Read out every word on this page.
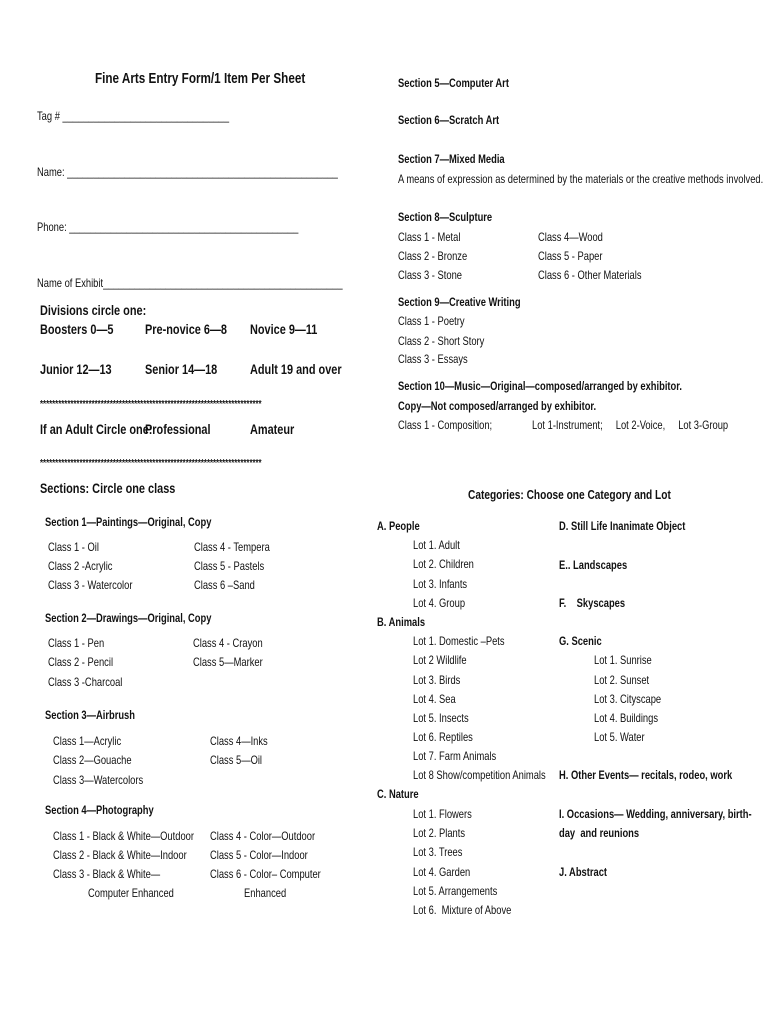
Fine Arts Entry Form/1 Item Per Sheet
Tag # ________________________________
Name: ____________________________________________________
Phone: ____________________________________________
Name of Exhibit______________________________________________
Divisions circle one:
Boosters 0—5 Pre-novice 6—8 Novice 9—11
Junior 12—13 Senior 14—18 Adult 19 and over
*************************************************************************
If an Adult Circle one:
Professional	Amateur
*************************************************************************
Sections: Circle one class
Section 1—Paintings—Original, Copy
Class 1 - Oil
Class 2 -Acrylic
Class 3 - Watercolor
Class 4 - Tempera
Class 5 - Pastels
Class 6 –Sand
Section 2—Drawings—Original, Copy
Class 1 - Pen
Class 2 - Pencil
Class 3 -Charcoal
Class 4 - Crayon
Class 5—Marker
Section 3—Airbrush
Class 1—Acrylic
Class 2—Gouache
Class 3—Watercolors
Class 4—Inks
Class 5—Oil
Section 4—Photography
Class 1 - Black & White—Outdoor
Class 2 - Black & White—Indoor
Class 3 - Black & White—
Computer Enhanced
Class 4 - Color—Outdoor
Class 5 - Color—Indoor
Class 6 - Color– Computer
Enhanced
Section 5—Computer Art
Section 6—Scratch Art
Section 7—Mixed Media
A means of expression as determined by the materials or the creative methods involved.
Section 8—Sculpture
Class 1 - Metal
Class 2 - Bronze
Class 3 - Stone
Class 4—Wood
Class 5 - Paper
Class 6 - Other Materials
Section 9—Creative Writing
Class 1 - Poetry
Class 2 - Short Story
Class 3 - Essays
Section 10—Music—Original—composed/arranged by exhibitor.
Copy—Not composed/arranged by exhibitor.
Class 1 - Composition;	Lot 1-Instrument;     Lot 2-Voice,     Lot 3-Group
Categories: Choose one Category and Lot
A. People
Lot 1. Adult
Lot 2. Children
Lot 3. Infants
Lot 4. Group
B. Animals
Lot 1. Domestic –Pets
Lot 2 Wildlife
Lot 3. Birds
Lot 4. Sea
Lot 5. Insects
Lot 6. Reptiles
Lot 7. Farm Animals
Lot 8 Show/competition Animals
C. Nature
Lot 1. Flowers
Lot 2. Plants
Lot 3. Trees
Lot 4. Garden
Lot 5. Arrangements
Lot 6.  Mixture of Above
D. Still Life Inanimate Object
E.. Landscapes
F.    Skyscapes
G. Scenic
Lot 1. Sunrise
Lot 2. Sunset
Lot 3. Cityscape
Lot 4. Buildings
Lot 5. Water
H. Other Events— recitals, rodeo, work
I. Occasions— Wedding, anniversary, birth-
day  and reunions
J. Abstract
